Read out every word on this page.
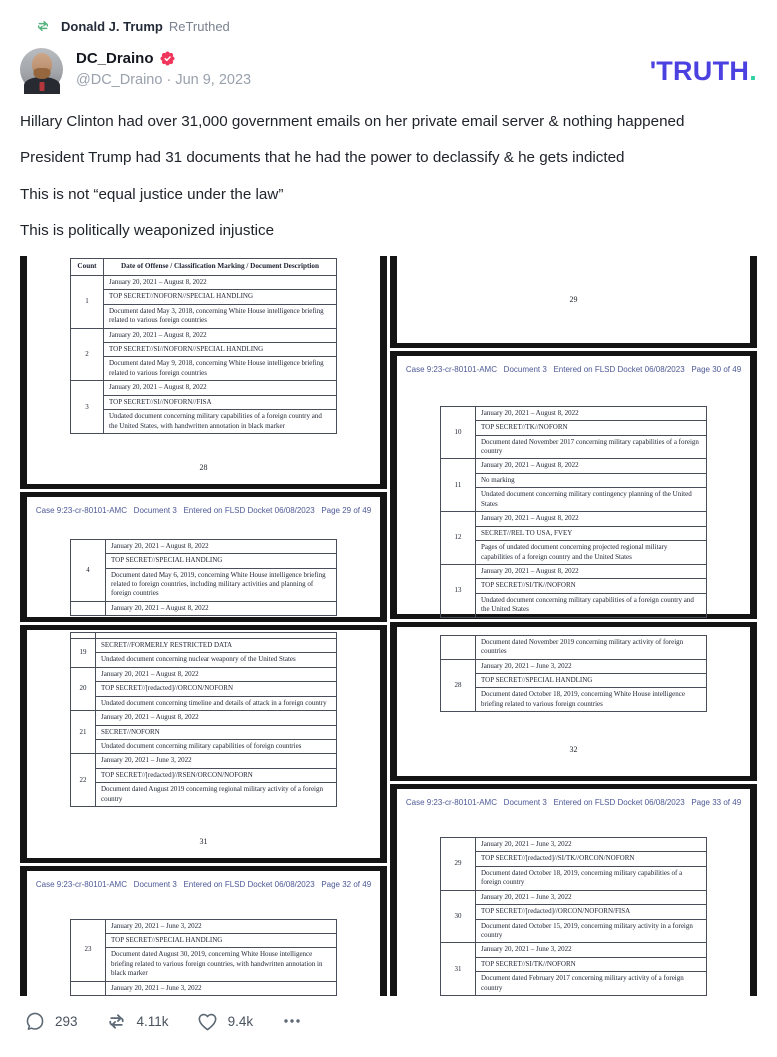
Donald J. Trump ReTruthed
DC_Draino
@DC_Draino · Jun 9, 2023	'TRUTH.

Hillary Clinton had over 31,000 government emails on her private email server & nothing happened

President Trump had 31 documents that he had the power to declassify & he gets indicted

This is not “equal justice under the law”

This is politically weaponized injustice

Count	Date of Offense / Classification Marking / Document Description
1	January 20, 2021 – August 8, 2022
	TOP SECRET//NOFORN//SPECIAL HANDLING
	Document dated May 3, 2018, concerning White House intelligence briefing related to various foreign countries
2	January 20, 2021 – August 8, 2022
	TOP SECRET//SI//NOFORN//SPECIAL HANDLING
	Document dated May 9, 2018, concerning White House intelligence briefing related to various foreign countries
3	January 20, 2021 – August 8, 2022
	TOP SECRET//SI//NOFORN//FISA
	Undated document concerning military capabilities of a foreign country and the United States, with handwritten annotation in black marker
28
Case 9:23-cr-80101-AMC   Document 3   Entered on FLSD Docket 06/08/2023   Page 29 of 49
4	January 20, 2021 – August 8, 2022
	TOP SECRET//SPECIAL HANDLING
	Document dated May 6, 2019, concerning White House intelligence briefing related to foreign countries, including military activities and planning of foreign countries
	January 20, 2021 – August 8, 2022

19	SECRET//FORMERLY RESTRICTED DATA
	Undated document concerning nuclear weaponry of the United States
20	January 20, 2021 – August 8, 2022
	TOP SECRET//[redacted]//ORCON/NOFORN
	Undated document concerning timeline and details of attack in a foreign country
21	January 20, 2021 – August 8, 2022
	SECRET//NOFORN
	Undated document concerning military capabilities of foreign countries
22	January 20, 2021 – June 3, 2022
	TOP SECRET//[redacted]//RSEN/ORCON/NOFORN
	Document dated August 2019 concerning regional military activity of a foreign country
31
Case 9:23-cr-80101-AMC   Document 3   Entered on FLSD Docket 06/08/2023   Page 32 of 49
23	January 20, 2021 – June 3, 2022
	TOP SECRET//SPECIAL HANDLING
	Document dated August 30, 2019, concerning White House intelligence briefing related to various foreign countries, with handwritten annotation in black marker
	January 20, 2021 – June 3, 2022
29
Case 9:23-cr-80101-AMC   Document 3   Entered on FLSD Docket 06/08/2023   Page 30 of 49
10	January 20, 2021 – August 8, 2022
	TOP SECRET//TK//NOFORN
	Document dated November 2017 concerning military capabilities of a foreign country
11	January 20, 2021 – August 8, 2022
	No marking
	Undated document concerning military contingency planning of the United States
12	January 20, 2021 – August 8, 2022
	SECRET//REL TO USA, FVEY
	Pages of undated document concerning projected regional military capabilities of a foreign country and the United States
13	January 20, 2021 – August 8, 2022
	TOP SECRET//SI/TK//NOFORN
	Undated document concerning military capabilities of a foreign country and the United States
	Document dated November 2019 concerning military activity of foreign countries
28	January 20, 2021 – June 3, 2022
	TOP SECRET//SPECIAL HANDLING
	Document dated October 18, 2019, concerning White House intelligence briefing related to various foreign countries
32
Case 9:23-cr-80101-AMC   Document 3   Entered on FLSD Docket 06/08/2023   Page 33 of 49
29	January 20, 2021 – June 3, 2022
	TOP SECRET//[redacted]//SI/TK//ORCON/NOFORN
	Document dated October 18, 2019, concerning military capabilities of a foreign country
30	January 20, 2021 – June 3, 2022
	TOP SECRET//[redacted]//ORCON/NOFORN/FISA
	Document dated October 15, 2019, concerning military activity in a foreign country
31	January 20, 2021 – June 3, 2022
	TOP SECRET//SI/TK//NOFORN
	Document dated February 2017 concerning military activity of a foreign country
293	4.11k	9.4k
